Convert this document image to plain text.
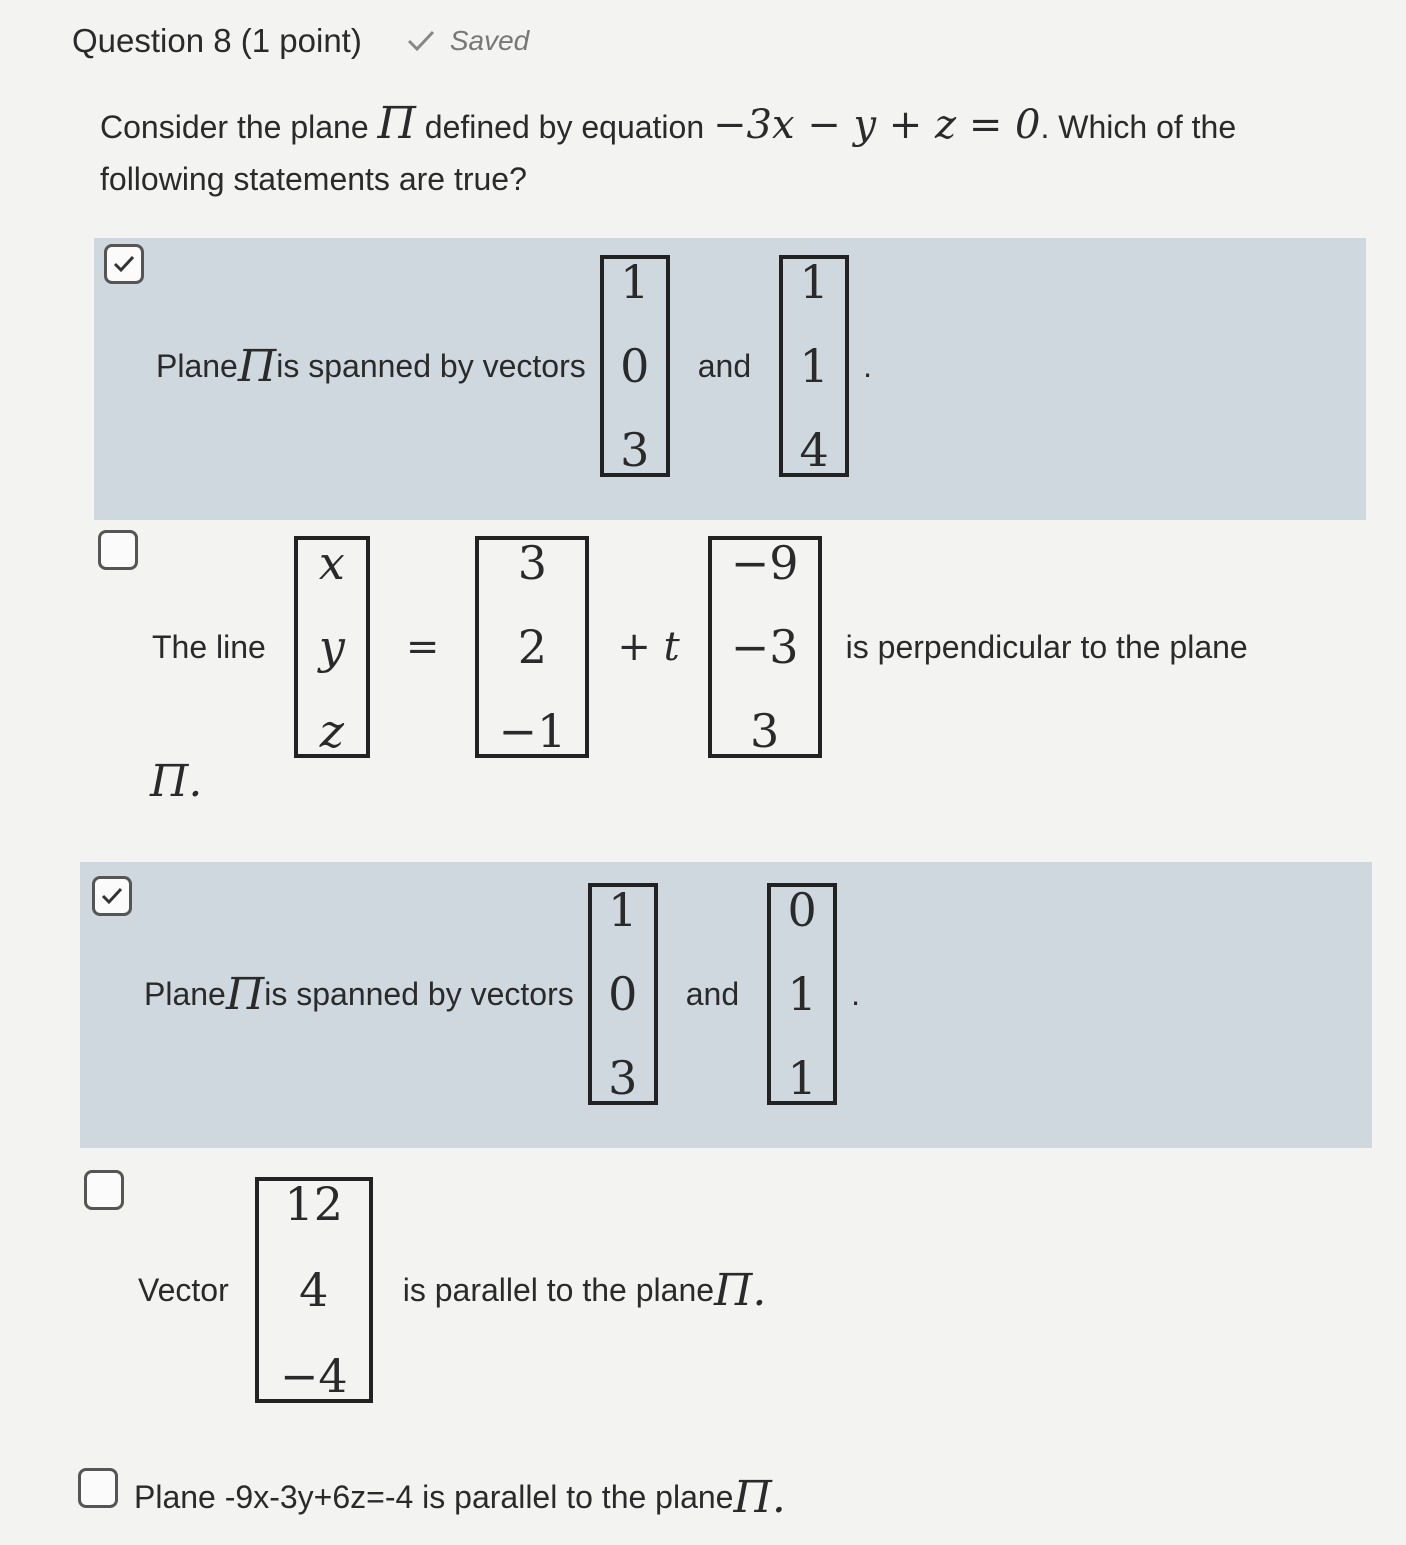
Question 8 (1 point)	Saved
Consider the plane Π defined by equation −3x − y + z = 0. Which of the following statements are true?
Plane Π is spanned by vectors
1
0
3
and
1
1
4
.
The line
x
y
z
=
3
2
−1
+ t
−9
−3
3
is perpendicular to the plane
Π.
Plane Π is spanned by vectors
1
0
3
and
0
1
1
.
Vector
12
4
−4
is parallel to the plane Π.
Plane -9x-3y+6z=-4 is parallel to the plane Π.
